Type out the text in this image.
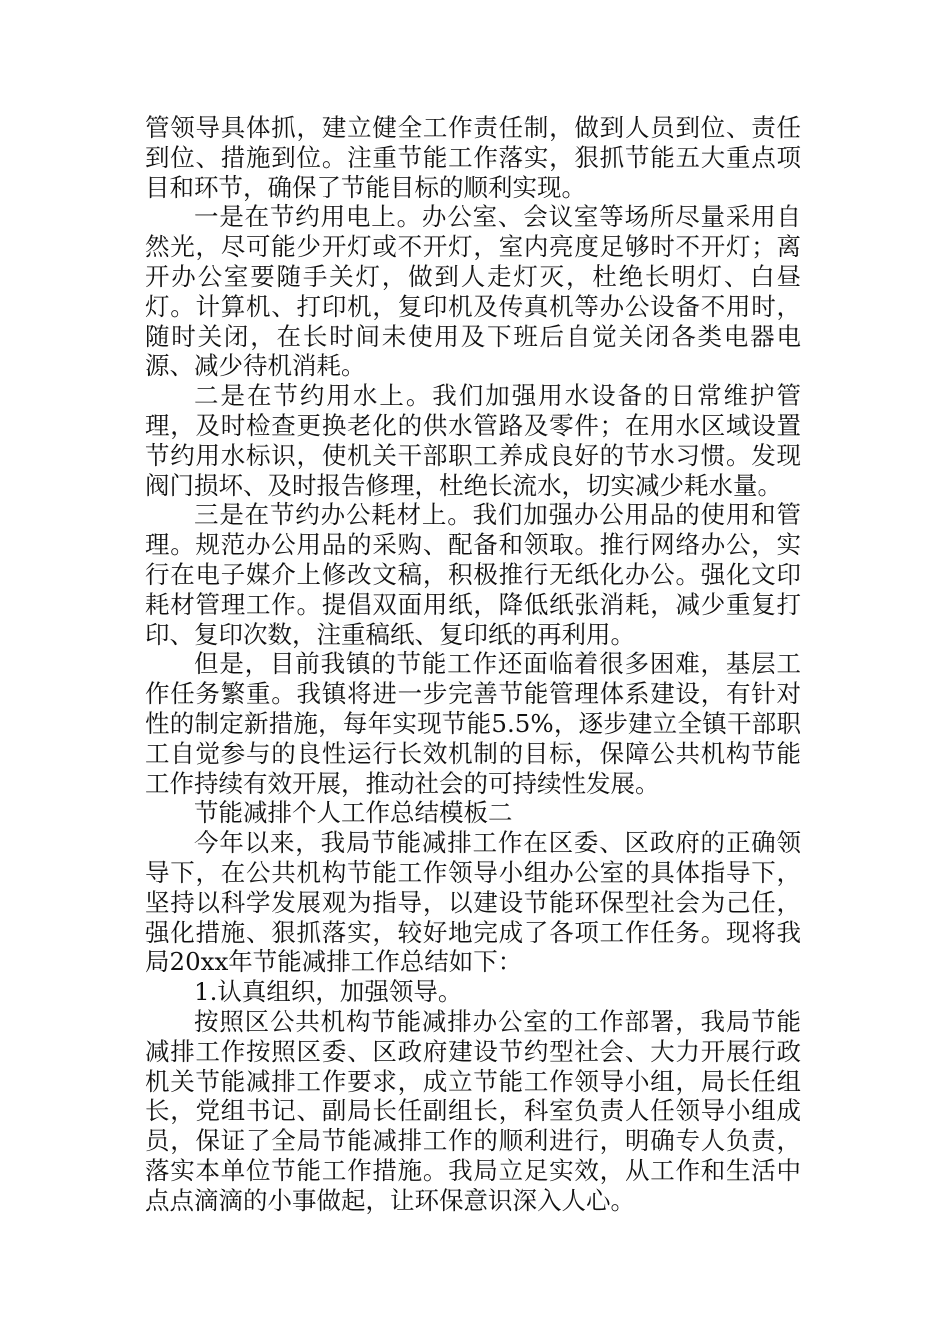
管领导具体抓，建立健全工作责任制，做到人员到位、责任到位、措施到位。注重节能工作落实，狠抓节能五大重点项目和环节，确保了节能目标的顺利实现。

一是在节约用电上。办公室、会议室等场所尽量采用自然光，尽可能少开灯或不开灯，室内亮度足够时不开灯；离开办公室要随手关灯，做到人走灯灭，杜绝长明灯、白昼灯。计算机、打印机，复印机及传真机等办公设备不用时，随时关闭，在长时间未使用及下班后自觉关闭各类电器电源、减少待机消耗。

二是在节约用水上。我们加强用水设备的日常维护管理，及时检查更换老化的供水管路及零件；在用水区域设置节约用水标识，使机关干部职工养成良好的节水习惯。发现阀门损坏、及时报告修理，杜绝长流水，切实减少耗水量。

三是在节约办公耗材上。我们加强办公用品的使用和管理。规范办公用品的采购、配备和领取。推行网络办公，实行在电子媒介上修改文稿，积极推行无纸化办公。强化文印耗材管理工作。提倡双面用纸，降低纸张消耗，减少重复打印、复印次数，注重稿纸、复印纸的再利用。

但是，目前我镇的节能工作还面临着很多困难，基层工作任务繁重。我镇将进一步完善节能管理体系建设，有针对性的制定新措施，每年实现节能5.5%，逐步建立全镇干部职工自觉参与的良性运行长效机制的目标，保障公共机构节能工作持续有效开展，推动社会的可持续性发展。

节能减排个人工作总结模板二

今年以来，我局节能减排工作在区委、区政府的正确领导下，在公共机构节能工作领导小组办公室的具体指导下，坚持以科学发展观为指导，以建设节能环保型社会为己任，强化措施、狠抓落实，较好地完成了各项工作任务。现将我局20xx年节能减排工作总结如下：

1.认真组织，加强领导。

按照区公共机构节能减排办公室的工作部署，我局节能减排工作按照区委、区政府建设节约型社会、大力开展行政机关节能减排工作要求，成立节能工作领导小组，局长任组长，党组书记、副局长任副组长，科室负责人任领导小组成员，保证了全局节能减排工作的顺利进行，明确专人负责，落实本单位节能工作措施。我局立足实效，从工作和生活中点点滴滴的小事做起，让环保意识深入人心。
